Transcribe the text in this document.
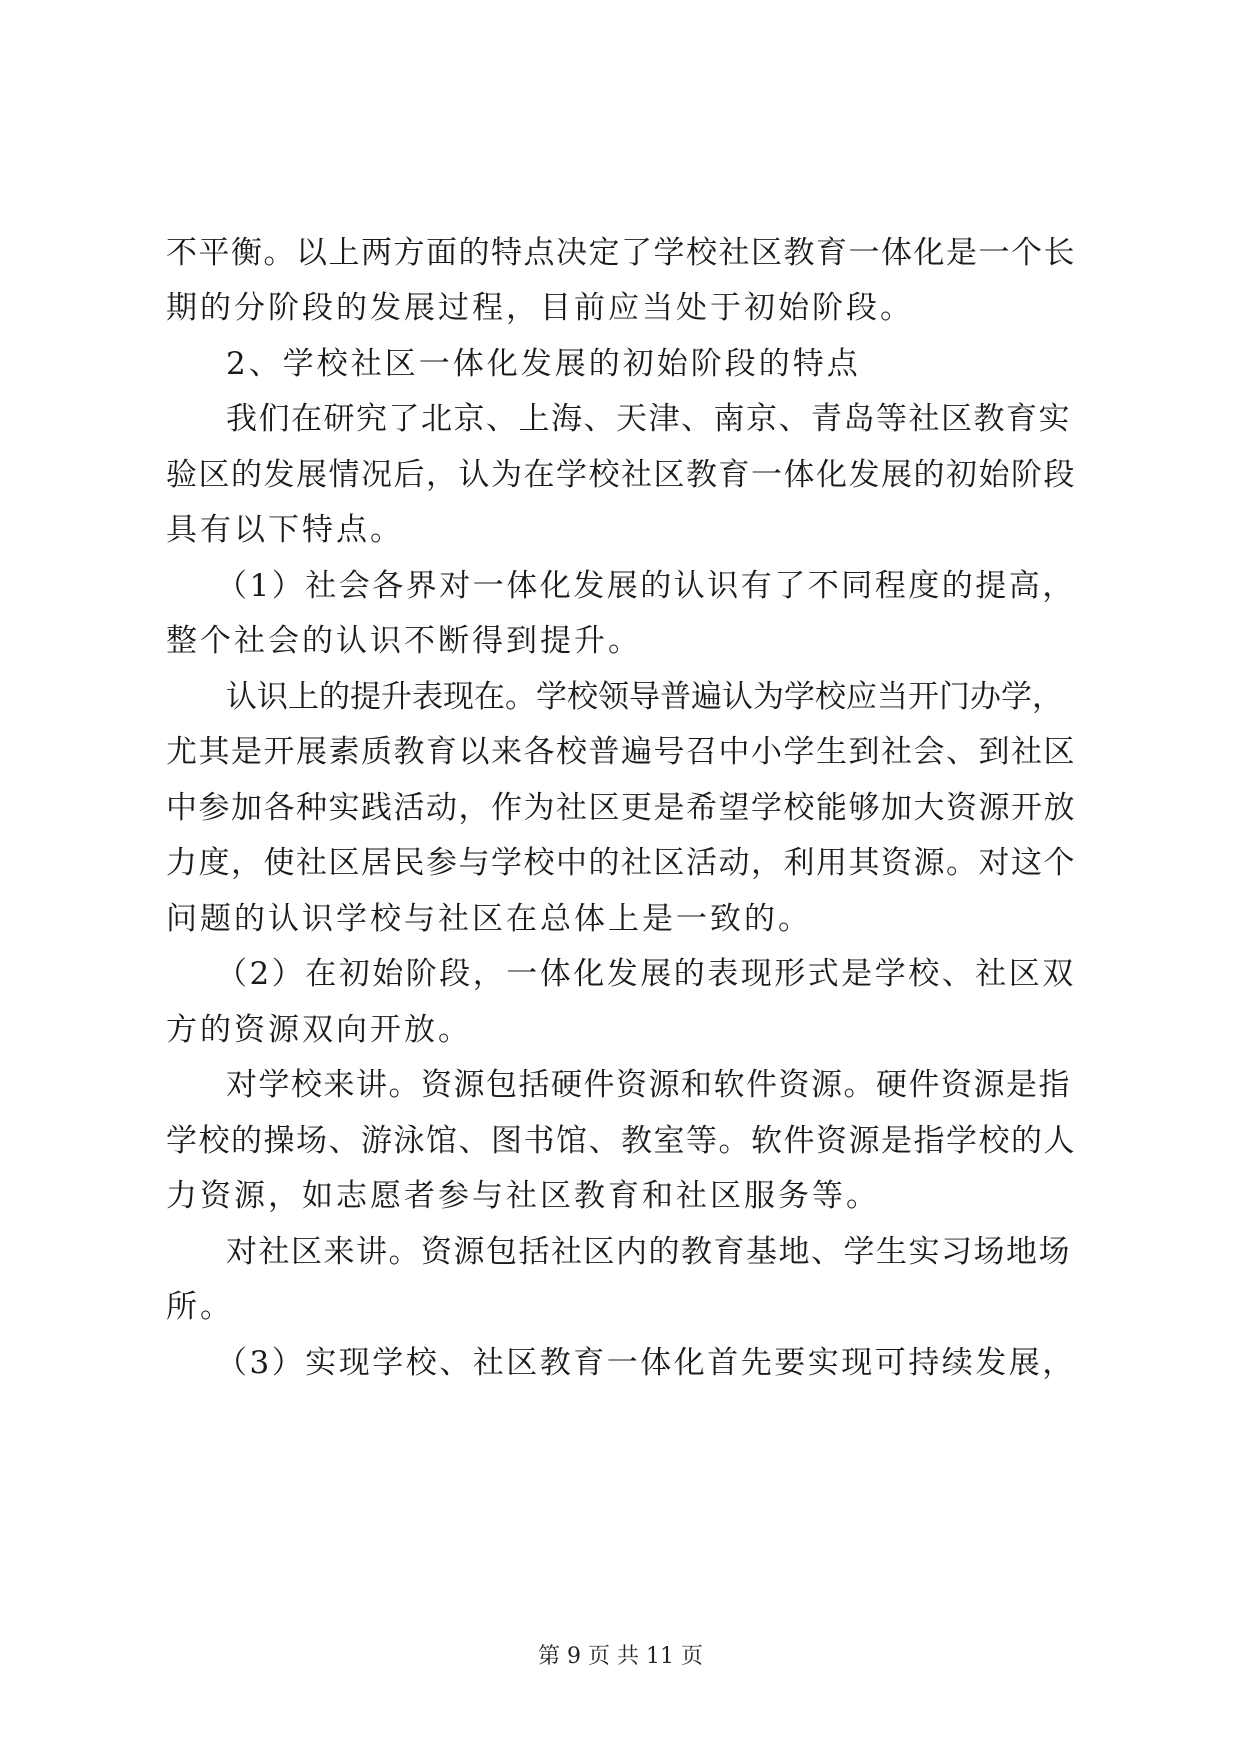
不平衡。以上两方面的特点决定了学校社区教育一体化是一个长
期的分阶段的发展过程，目前应当处于初始阶段。
2、学校社区一体化发展的初始阶段的特点
我们在研究了北京、上海、天津、南京、青岛等社区教育实
验区的发展情况后，认为在学校社区教育一体化发展的初始阶段
具有以下特点。
（1）社会各界对一体化发展的认识有了不同程度的提高，
整个社会的认识不断得到提升。
认识上的提升表现在。学校领导普遍认为学校应当开门办学，
尤其是开展素质教育以来各校普遍号召中小学生到社会、到社区
中参加各种实践活动，作为社区更是希望学校能够加大资源开放
力度，使社区居民参与学校中的社区活动，利用其资源。对这个
问题的认识学校与社区在总体上是一致的。
（2）在初始阶段，一体化发展的表现形式是学校、社区双
方的资源双向开放。
对学校来讲。资源包括硬件资源和软件资源。硬件资源是指
学校的操场、游泳馆、图书馆、教室等。软件资源是指学校的人
力资源，如志愿者参与社区教育和社区服务等。
对社区来讲。资源包括社区内的教育基地、学生实习场地场
所。
（3）实现学校、社区教育一体化首先要实现可持续发展，
第 9 页 共 11 页
